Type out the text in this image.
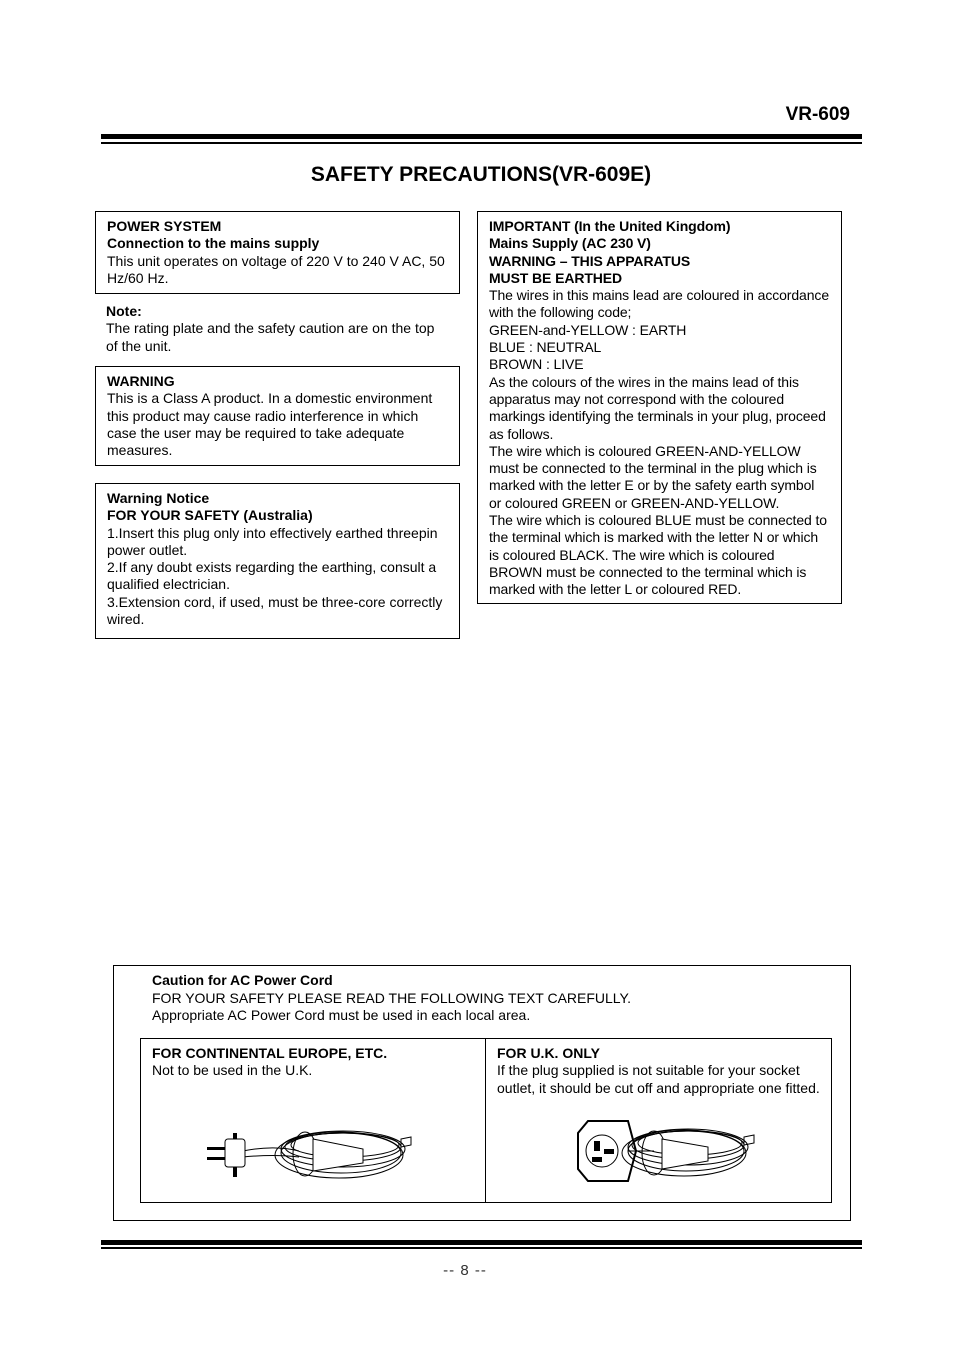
VR-609
SAFETY PRECAUTIONS(VR-609E)
POWER SYSTEM
Connection to the mains supply
This unit operates on voltage of 220 V to 240 V AC, 50 Hz/60 Hz.
Note:
The rating plate and the safety caution are on the top of the unit.
WARNING
This is a Class A product. In a domestic environment this product may cause radio interference in which case the user may be required to take adequate measures.
Warning Notice
FOR YOUR SAFETY (Australia)
1.Insert this plug only into effectively earthed threepin power outlet.
2.If any doubt exists regarding the earthing, consult a qualified electrician.
3.Extension cord, if used, must be three-core correctly wired.
IMPORTANT (In the United Kingdom)
Mains Supply (AC 230 V)
WARNING – THIS APPARATUS
MUST BE EARTHED
The wires in this mains lead are coloured in accordance with the following code;
GREEN-and-YELLOW : EARTH
BLUE : NEUTRAL
BROWN : LIVE
As the colours of the wires in the mains lead of this apparatus may not correspond with the coloured markings identifying the terminals in your plug, proceed as follows.
The wire which is coloured GREEN-AND-YELLOW must be connected to the terminal in the plug which is marked with the letter E or by the safety earth symbol or coloured GREEN or GREEN-AND-YELLOW.
The wire which is coloured BLUE must be connected to the terminal which is marked with the letter N or which is coloured BLACK. The wire which is coloured BROWN must be connected to the terminal which is marked with the letter L or coloured RED.
Caution for AC Power Cord
FOR YOUR SAFETY PLEASE READ THE FOLLOWING TEXT CAREFULLY.
Appropriate AC Power Cord must be used in each local area.
FOR CONTINENTAL EUROPE, ETC.
Not to be used in the U.K.
FOR U.K. ONLY
If the plug supplied is not suitable for your socket outlet, it should be cut off and appropriate one fitted.
-- 8 --
